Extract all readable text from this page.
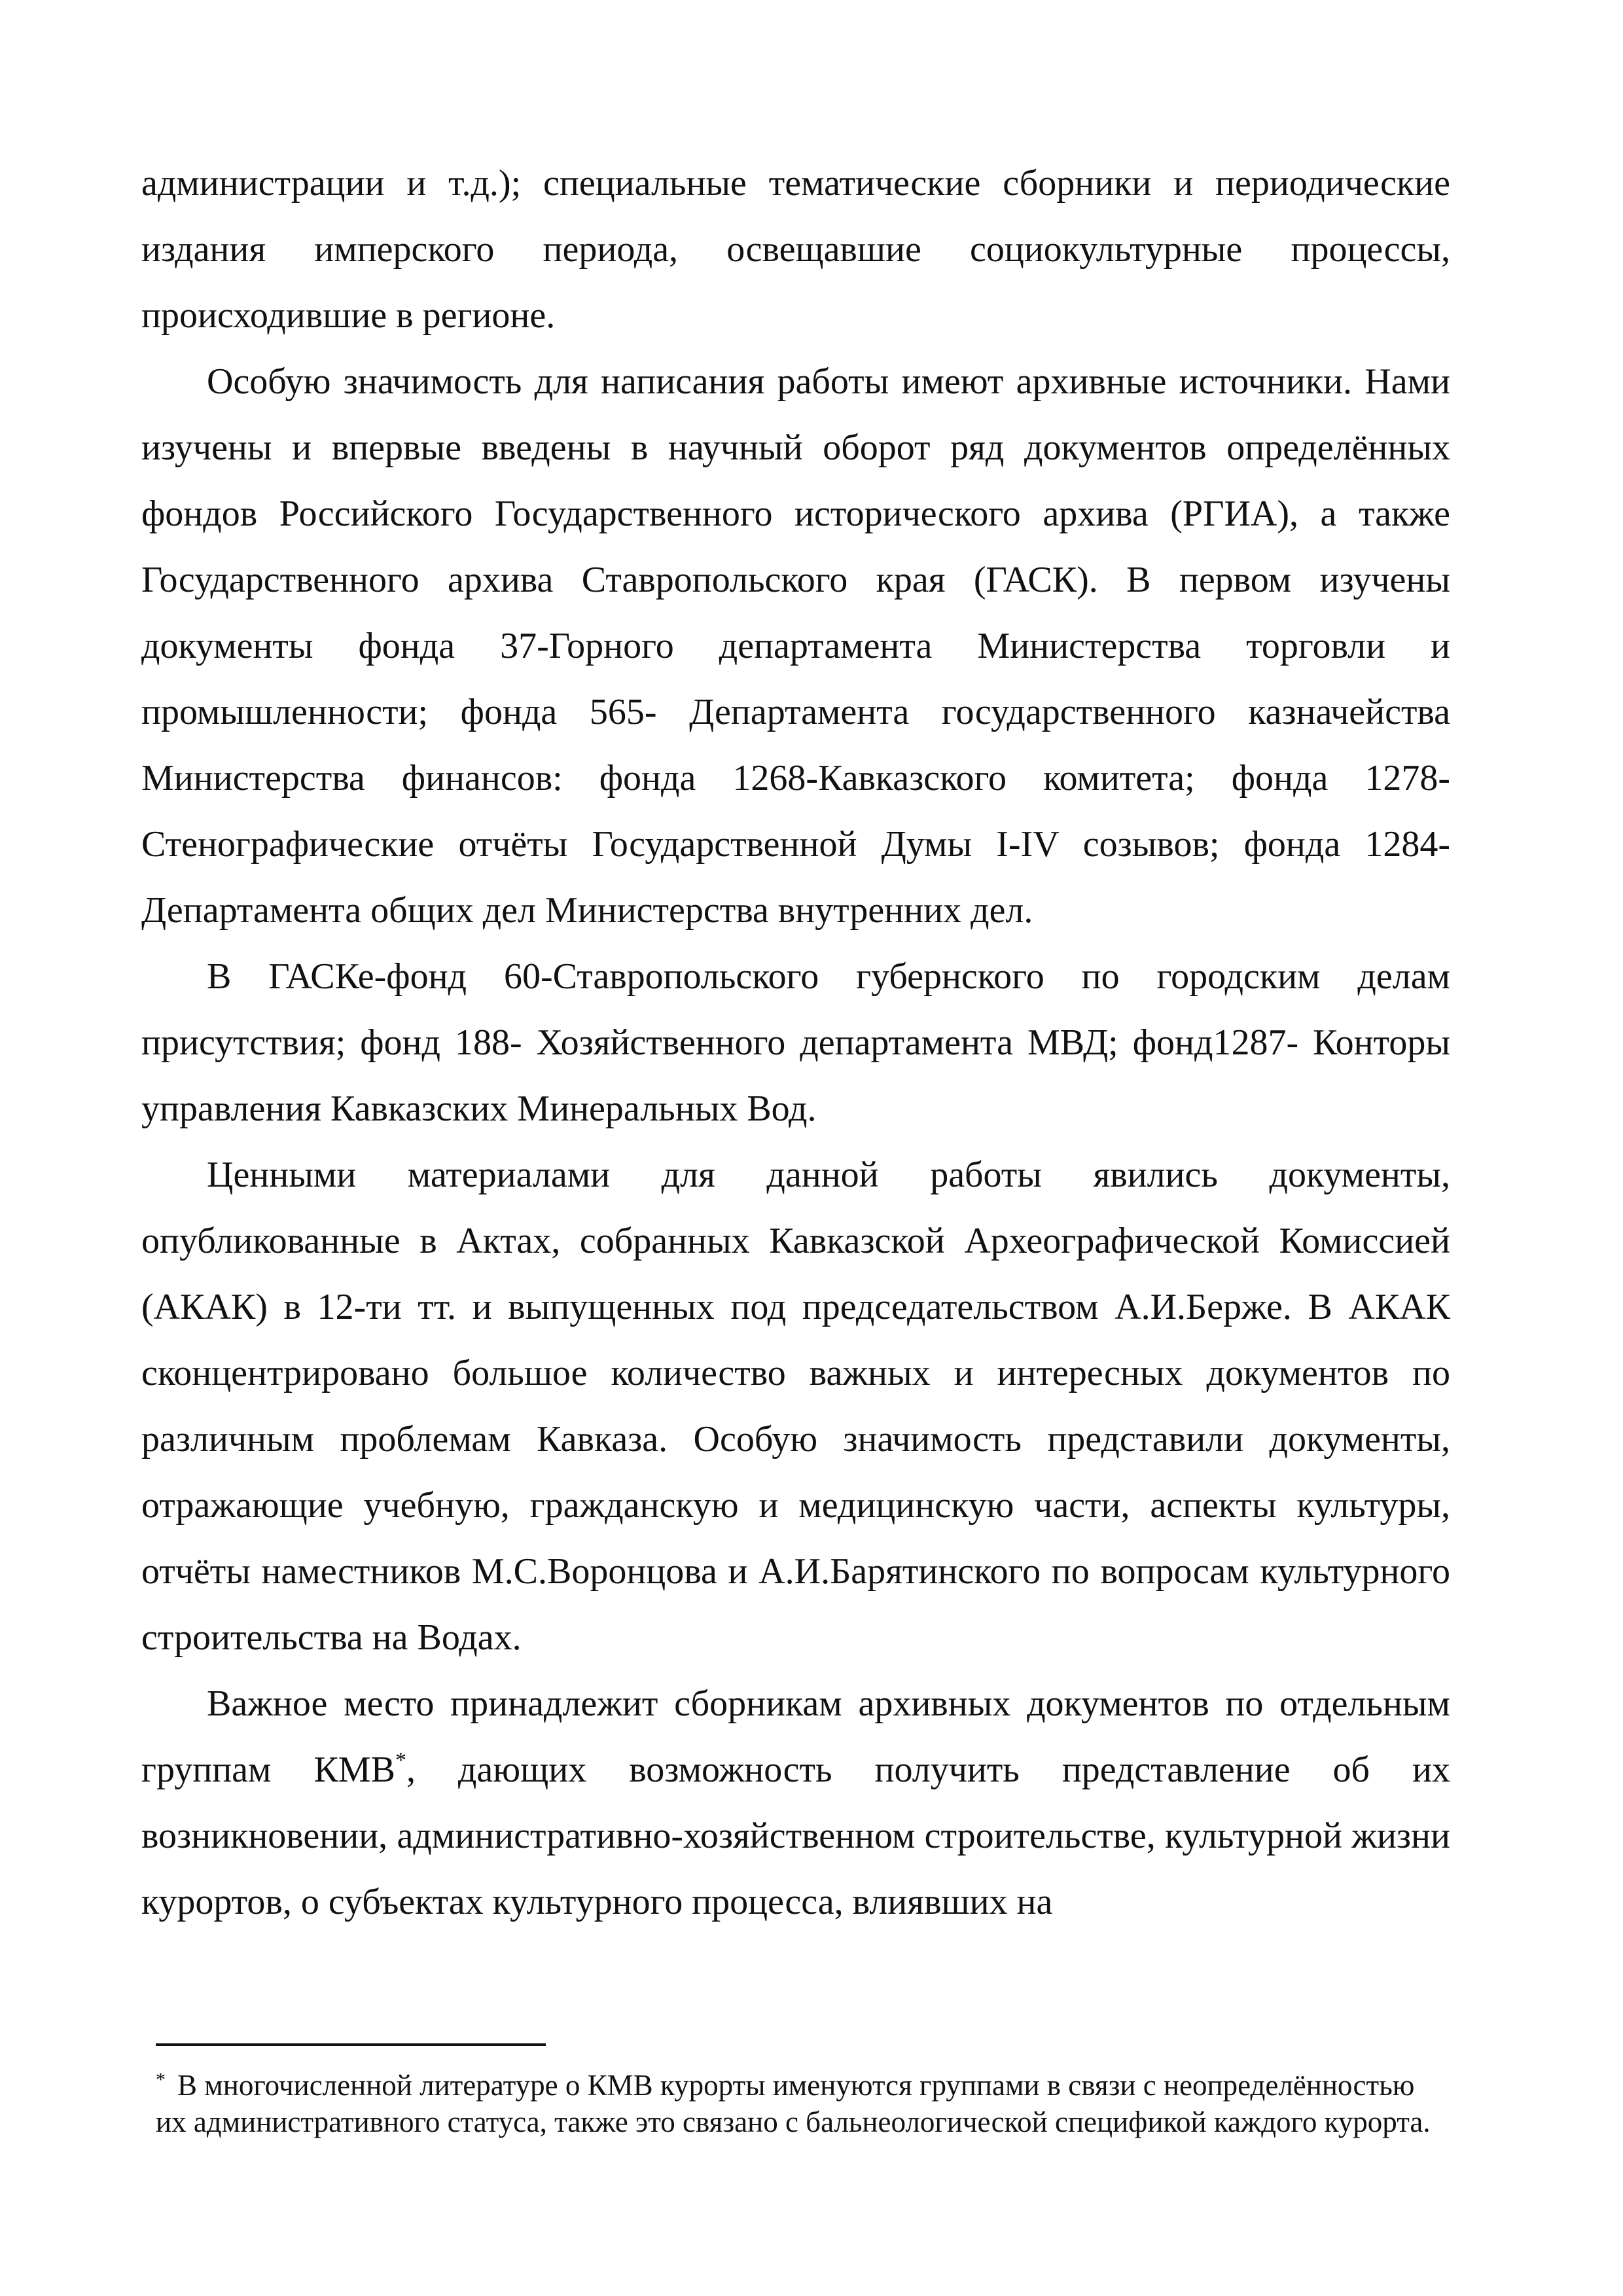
администрации и т.д.); специальные тематические сборники и периодические издания имперского периода, освещавшие социокультурные процессы, происходившие в регионе.

Особую значимость для написания работы имеют архивные источники. Нами изучены и впервые введены в научный оборот ряд документов определённых фондов Российского Государственного исторического архива (РГИА), а также Государственного архива Ставропольского края (ГАСК). В первом изучены документы фонда 37-Горного департамента Министерства торговли и промышленности; фонда 565- Департамента государственного казначейства Министерства финансов: фонда 1268-Кавказского комитета; фонда 1278- Стенографические отчёты Государственной Думы I-IV созывов; фонда 1284-Департамента общих дел Министерства внутренних дел.

В ГАСКе-фонд 60-Ставропольского губернского по городским делам присутствия; фонд 188- Хозяйственного департамента МВД; фонд1287- Конторы управления Кавказских Минеральных Вод.

Ценными материалами для данной работы явились документы, опубликованные в Актах, собранных Кавказской Археографической Комиссией (АКАК) в 12-ти тт. и выпущенных под председательством А.И.Берже. В АКАК сконцентрировано большое количество важных и интересных документов по различным проблемам Кавказа. Особую значимость представили документы, отражающие учебную, гражданскую и медицинскую части, аспекты культуры, отчёты наместников М.С.Воронцова и А.И.Барятинского по вопросам культурного строительства на Водах.

Важное место принадлежит сборникам архивных документов по отдельным группам КМВ*, дающих возможность получить представление об их возникновении, административно-хозяйственном строительстве, культурной жизни курортов, о субъектах культурного процесса, влиявших на

* В многочисленной литературе о КМВ курорты именуются группами в связи с неопределённостью их административного статуса, также это связано с бальнеологической спецификой каждого курорта.
